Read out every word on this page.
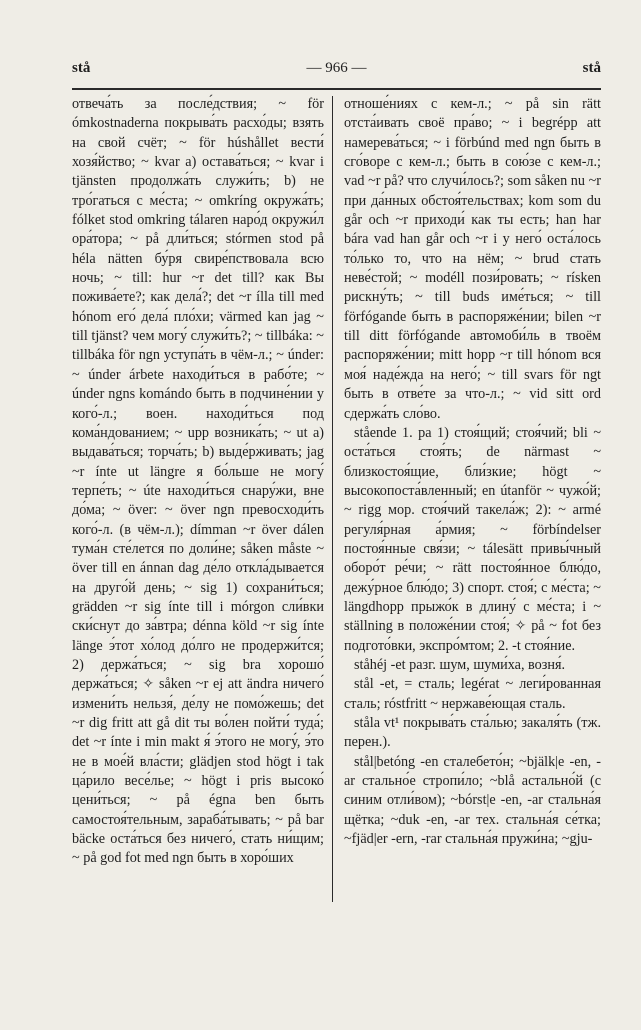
stå	— 966 —	stå

отвеча́ть за после́дствия; ~ för ómkostnaderna покрыва́ть расхо́ды; взять на свой счёт; ~ för húshållet вести́ хозя́йство; ~ kvar а) остава́ться; ~ kvar i tjänsten продолжа́ть служи́ть; b) не тро́гаться с ме́ста; ~ omkríng окружа́ть; fólket stod omkring tálaren наро́д окружи́л ора́тора; ~ på дли́ться; stórmen stod på héla nätten бу́ря свире́пствовала всю ночь; ~ till: hur ~r det till? как Вы пожива́ете?; как дела́?; det ~r ílla till med hónom его́ дела́ пло́хи; värmed kan jag ~ till tjänst? чем могу́ служи́ть?; ~ tillbáka: ~ tillbáka för ngn уступа́ть в чём-л.; ~ únder: ~ únder árbete находи́ться в рабо́те; ~ únder ngns komándo быть в подчине́нии у кого́-л.; воен. находи́ться под кома́ндованием; ~ upp возника́ть; ~ ut а) выдава́ться; торча́ть; b) выде́рживать; jag ~r ínte ut längre я бо́льше не могу́ терпе́ть; ~ úte находи́ться снару́жи, вне до́ма; ~ över: ~ över ngn превосходи́ть кого́-л. (в чём-л.); dímman ~r över dálen тума́н сте́лется по доли́не; såken måste ~ över till en ánnan dag де́ло откла́дывается на друго́й день; ~ sig 1) сохрани́ться; grädden ~r sig ínte till i mórgon сли́вки ски́снут до за́втра; dénna köld ~r sig ínte länge э́тот хо́лод до́лго не продержи́тся; 2) держа́ться; ~ sig bra хорошо́ держа́ться; ✧ såken ~r ej att ändra ничего́ измени́ть нельзя́, де́лу не помо́жешь; det ~r dig fritt att gå dit ты во́лен пойти́ туда́; det ~r ínte i min makt я́ э́того не могу́, э́то не в мое́й вла́сти; glädjen stod högt i tak ца́рило весе́лье; ~ högt i pris высоко́ цени́ться; ~ på égna ben быть самостоя́тельным, зараба́тывать; ~ på bar bäcke оста́ться без ничего́, стать ни́щим; ~ på god fot med ngn быть в хоро́ших

отноше́ниях с кем-л.; ~ på sin rätt отста́ивать своё пра́во; ~ i begrépp att намерева́ться; ~ i förbúnd med ngn быть в сго́воре с кем-л.; быть в сою́зе с кем-л.; vad ~r på? что случи́лось?; som såken nu ~r при да́нных обстоя́тельствах; kom som du går och ~r приходи́ как ты есть; han har bára vad han går och ~r i у него́ оста́лось то́лько то, что на нём; ~ brud стать неве́стой; ~ modéll пози́ровать; ~ rísken рискну́ть; ~ till buds име́ться; ~ till förfógande быть в распоряже́нии; bilen ~r till ditt förfógande автомоби́ль в твоём распоряже́нии; mitt hopp ~r till hónom вся моя́ наде́жда на него́; ~ till svars för ngt быть в отве́те за что-л.; ~ vid sitt ord сдержа́ть сло́во.

stående 1. pa 1) стоя́щий; стоя́чий; bli ~ оста́ться стоя́ть; de närmast ~ близкостоя́щие, бли́зкие; högt ~ высокопоста́вленный; en útanför ~ чужо́й; ~ rigg мор. стоя́чий такела́ж; 2): ~ armé регуля́рная а́рмия; ~ förbíndelser постоя́нные свя́зи; ~ tálesätt привы́чный оборо́т ре́чи; ~ rätt постоя́нное блю́до, дежу́рное блю́до; 3) спорт. стоя́; с ме́ста; ~ längdhopp прыжо́к в длину́ с ме́ста; i ~ ställning в положе́нии стоя́; ✧ på ~ fot без подгото́вки, экспро́мтом; 2. -t стоя́ние.

ståhéj -et разг. шум, шуми́ха, возня́.

stål -et, = сталь; legérat ~ леги́рованная сталь; róstfritt ~ нержаве́ющая сталь.

ståla vt¹ покрыва́ть ста́лью; закаля́ть (тж. перен.).

stål|betóng -en сталебето́н; ~bjälk|e -en, -ar стально́е стропи́ло; ~blå астально́й (с синим отли́вом); ~bórst|e -en, -ar стальна́я щётка; ~duk -en, -ar тех. стальна́я се́тка; ~fjäd|er -ern, -rar стальна́я пружи́на; ~gju-
